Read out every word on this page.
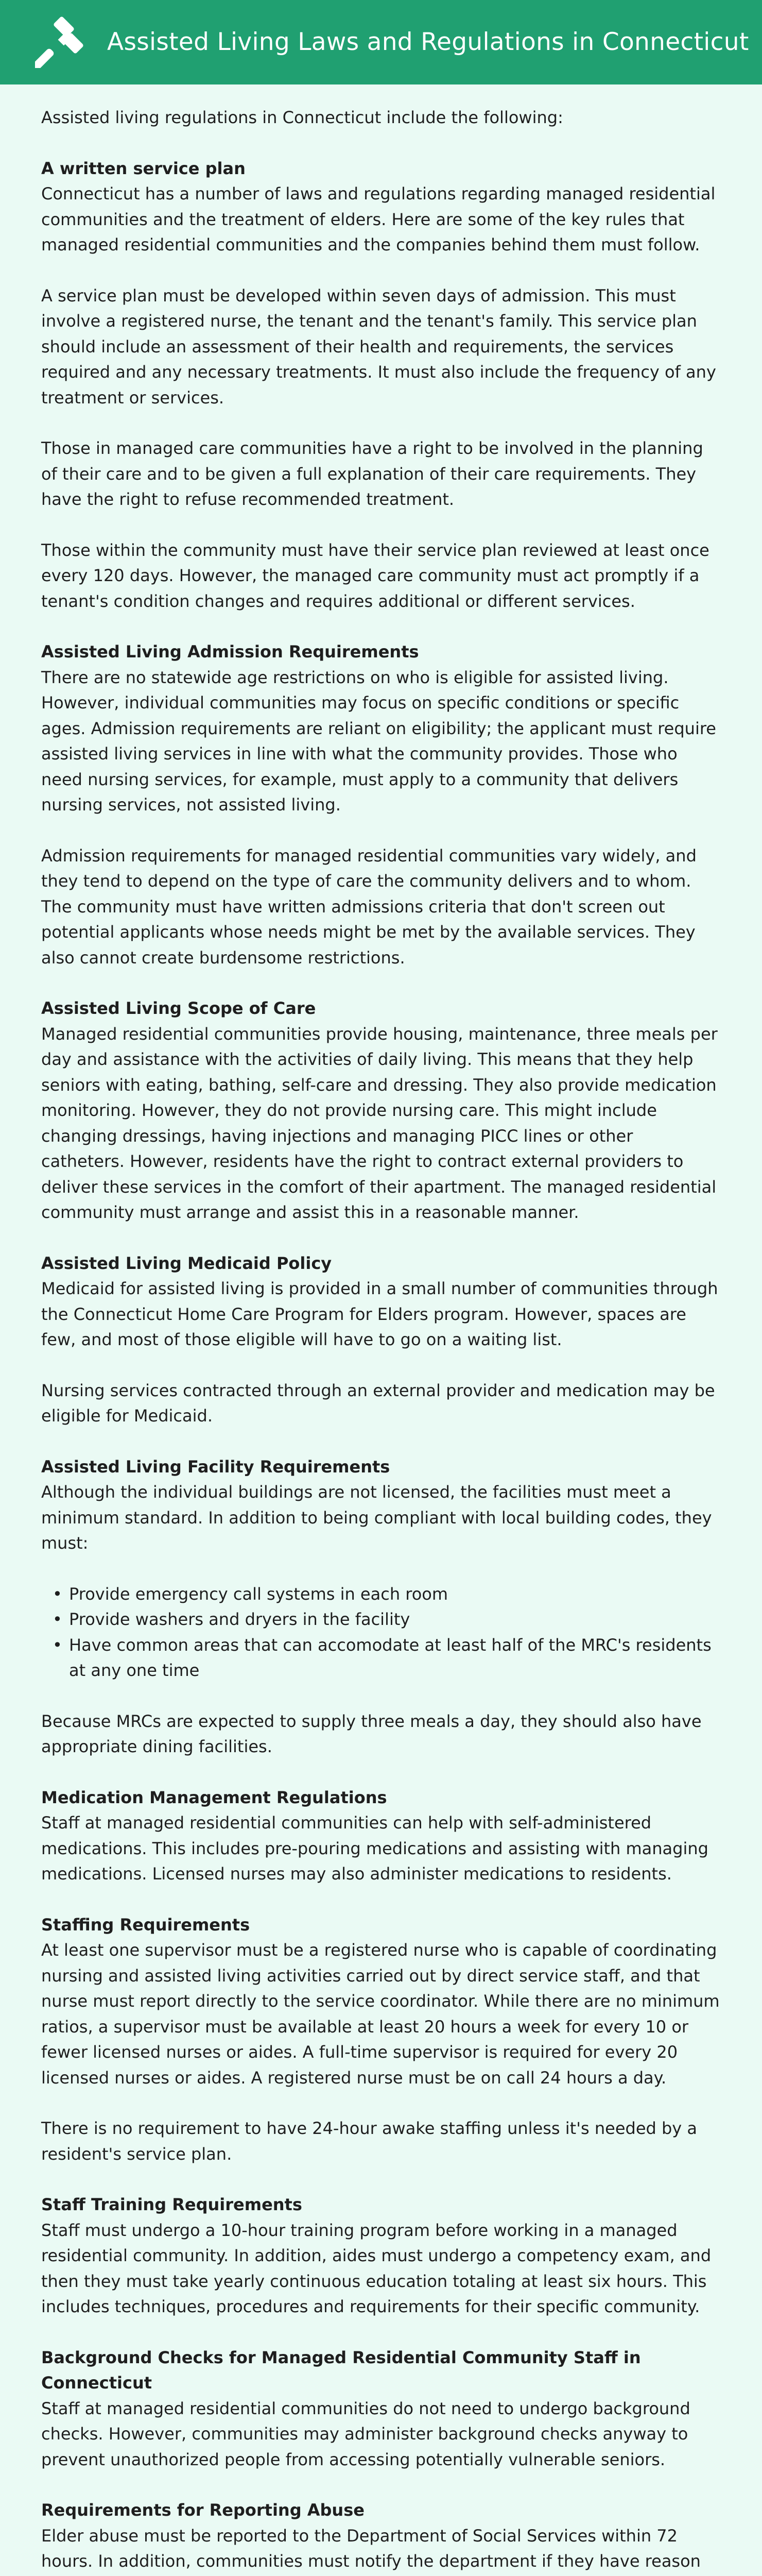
Assisted Living Laws and Regulations in Connecticut

Assisted living regulations in Connecticut include the following:

A written service plan

Connecticut has a number of laws and regulations regarding managed residential communities and the treatment of elders. Here are some of the key rules that managed residential communities and the companies behind them must follow.

A service plan must be developed within seven days of admission. This must involve a registered nurse, the tenant and the tenant's family. This service plan should include an assessment of their health and requirements, the services required and any necessary treatments. It must also include the frequency of any treatment or services.

Those in managed care communities have a right to be involved in the planning of their care and to be given a full explanation of their care requirements. They have the right to refuse recommended treatment.

Those within the community must have their service plan reviewed at least once every 120 days. However, the managed care community must act promptly if a tenant's condition changes and requires additional or different services.

Assisted Living Admission Requirements

There are no statewide age restrictions on who is eligible for assisted living. However, individual communities may focus on specific conditions or specific ages. Admission requirements are reliant on eligibility; the applicant must require assisted living services in line with what the community provides. Those who need nursing services, for example, must apply to a community that delivers nursing services, not assisted living.

Admission requirements for managed residential communities vary widely, and they tend to depend on the type of care the community delivers and to whom. The community must have written admissions criteria that don't screen out potential applicants whose needs might be met by the available services. They also cannot create burdensome restrictions.

Assisted Living Scope of Care

Managed residential communities provide housing, maintenance, three meals per day and assistance with the activities of daily living. This means that they help seniors with eating, bathing, self-care and dressing. They also provide medication monitoring. However, they do not provide nursing care. This might include changing dressings, having injections and managing PICC lines or other catheters. However, residents have the right to contract external providers to deliver these services in the comfort of their apartment. The managed residential community must arrange and assist this in a reasonable manner.

Assisted Living Medicaid Policy

Medicaid for assisted living is provided in a small number of communities through the Connecticut Home Care Program for Elders program. However, spaces are few, and most of those eligible will have to go on a waiting list.

Nursing services contracted through an external provider and medication may be eligible for Medicaid.

Assisted Living Facility Requirements

Although the individual buildings are not licensed, the facilities must meet a minimum standard. In addition to being compliant with local building codes, they must:

• Provide emergency call systems in each room
• Provide washers and dryers in the facility
• Have common areas that can accomodate at least half of the MRC's residents at any one time

Because MRCs are expected to supply three meals a day, they should also have appropriate dining facilities.

Medication Management Regulations

Staff at managed residential communities can help with self-administered medications. This includes pre-pouring medications and assisting with managing medications. Licensed nurses may also administer medications to residents.

Staffing Requirements

At least one supervisor must be a registered nurse who is capable of coordinating nursing and assisted living activities carried out by direct service staff, and that nurse must report directly to the service coordinator. While there are no minimum ratios, a supervisor must be available at least 20 hours a week for every 10 or fewer licensed nurses or aides. A full-time supervisor is required for every 20 licensed nurses or aides. A registered nurse must be on call 24 hours a day.

There is no requirement to have 24-hour awake staffing unless it's needed by a resident's service plan.

Staff Training Requirements

Staff must undergo a 10-hour training program before working in a managed residential community. In addition, aides must undergo a competency exam, and then they must take yearly continuous education totaling at least six hours. This includes techniques, procedures and requirements for their specific community.

Background Checks for Managed Residential Community Staff in Connecticut

Staff at managed residential communities do not need to undergo background checks. However, communities may administer background checks anyway to prevent unauthorized people from accessing potentially vulnerable seniors.

Requirements for Reporting Abuse

Elder abuse must be reported to the Department of Social Services within 72 hours. In addition, communities must notify the department if they have reason
